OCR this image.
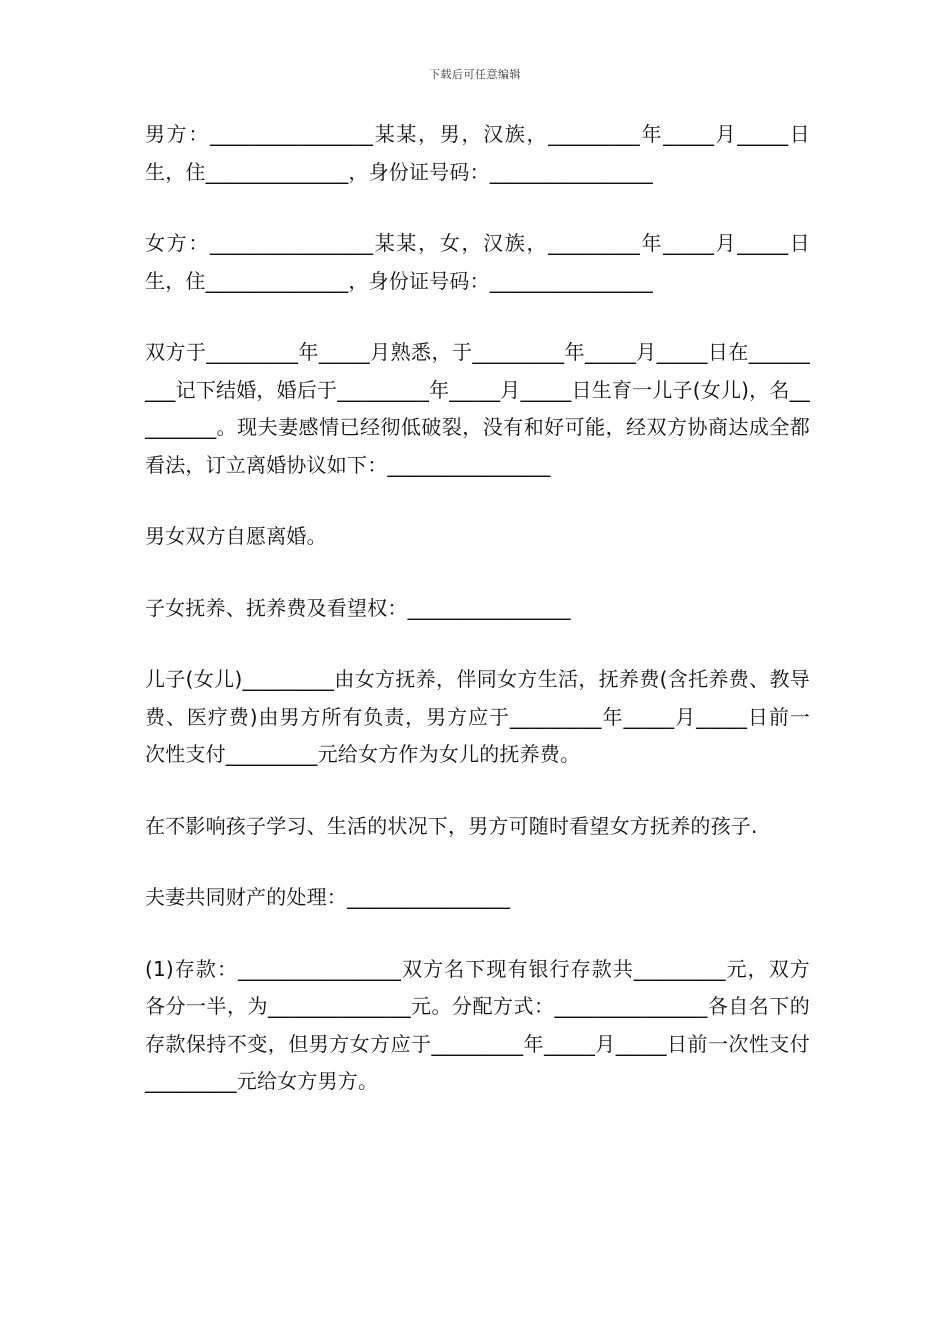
下载后可任意编辑

男方：________________某某，男，汉族，_________年_____月_____日生，住______________，身份证号码：________________

女方：________________某某，女，汉族，_________年_____月_____日生，住______________，身份证号码：________________

双方于_________年_____月熟悉，于_________年_____月_____日在_________记下结婚，婚后于_________年_____月_____日生育一儿子(女儿)，名_________。现夫妻感情已经彻低破裂，没有和好可能，经双方协商达成全都看法，订立离婚协议如下：________________

男女双方自愿离婚。

子女抚养、抚养费及看望权：________________

儿子(女儿)_________由女方抚养，伴同女方生活，抚养费(含托养费、教导费、医疗费)由男方所有负责，男方应于_________年_____月_____日前一次性支付_________元给女方作为女儿的抚养费。

在不影响孩子学习、生活的状况下，男方可随时看望女方抚养的孩子.

夫妻共同财产的处理：________________

(1)存款：________________双方名下现有银行存款共_________元，双方各分一半，为______________元。分配方式：_______________各自名下的存款保持不变，但男方女方应于_________年_____月_____日前一次性支付_________元给女方男方。
